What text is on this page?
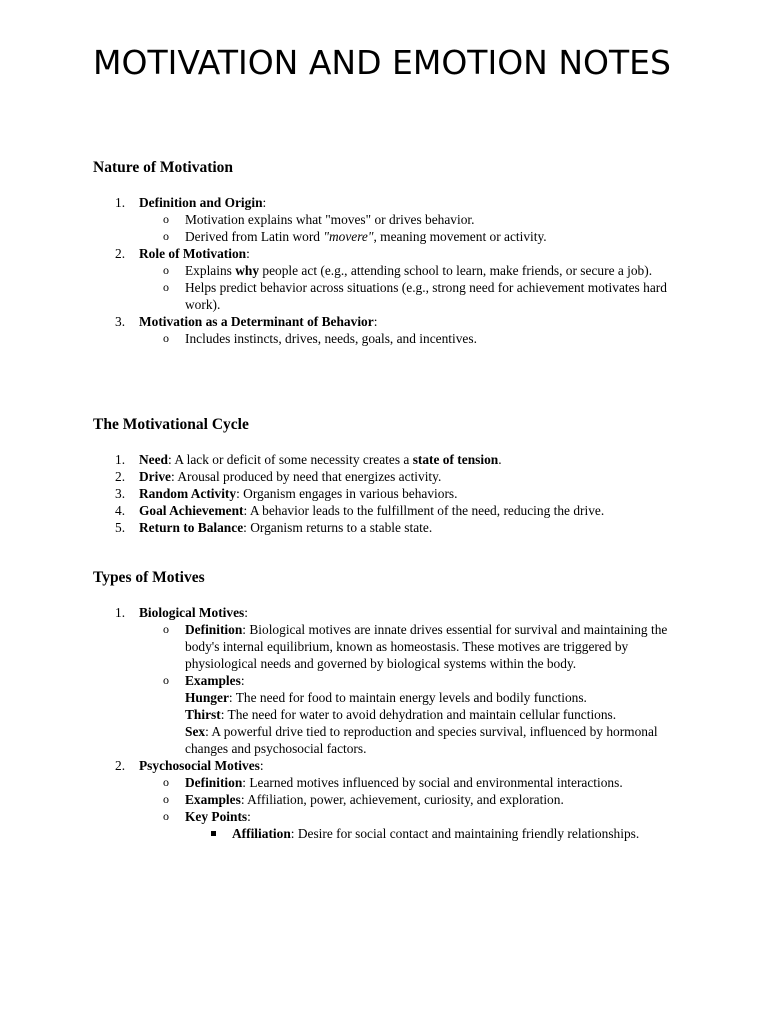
MOTIVATION AND EMOTION NOTES
Nature of Motivation
1. Definition and Origin:
o Motivation explains what "moves" or drives behavior.
o Derived from Latin word "movere", meaning movement or activity.
2. Role of Motivation:
o Explains why people act (e.g., attending school to learn, make friends, or secure a job).
o Helps predict behavior across situations (e.g., strong need for achievement motivates hard work).
3. Motivation as a Determinant of Behavior:
o Includes instincts, drives, needs, goals, and incentives.
The Motivational Cycle
1. Need: A lack or deficit of some necessity creates a state of tension.
2. Drive: Arousal produced by need that energizes activity.
3. Random Activity: Organism engages in various behaviors.
4. Goal Achievement: A behavior leads to the fulfillment of the need, reducing the drive.
5. Return to Balance: Organism returns to a stable state.
Types of Motives
1. Biological Motives:
o Definition: Biological motives are innate drives essential for survival and maintaining the body's internal equilibrium, known as homeostasis. These motives are triggered by physiological needs and governed by biological systems within the body.
o Examples:
Hunger: The need for food to maintain energy levels and bodily functions.
Thirst: The need for water to avoid dehydration and maintain cellular functions.
Sex: A powerful drive tied to reproduction and species survival, influenced by hormonal changes and psychosocial factors.
2. Psychosocial Motives:
o Definition: Learned motives influenced by social and environmental interactions.
o Examples: Affiliation, power, achievement, curiosity, and exploration.
o Key Points:
Affiliation: Desire for social contact and maintaining friendly relationships.
